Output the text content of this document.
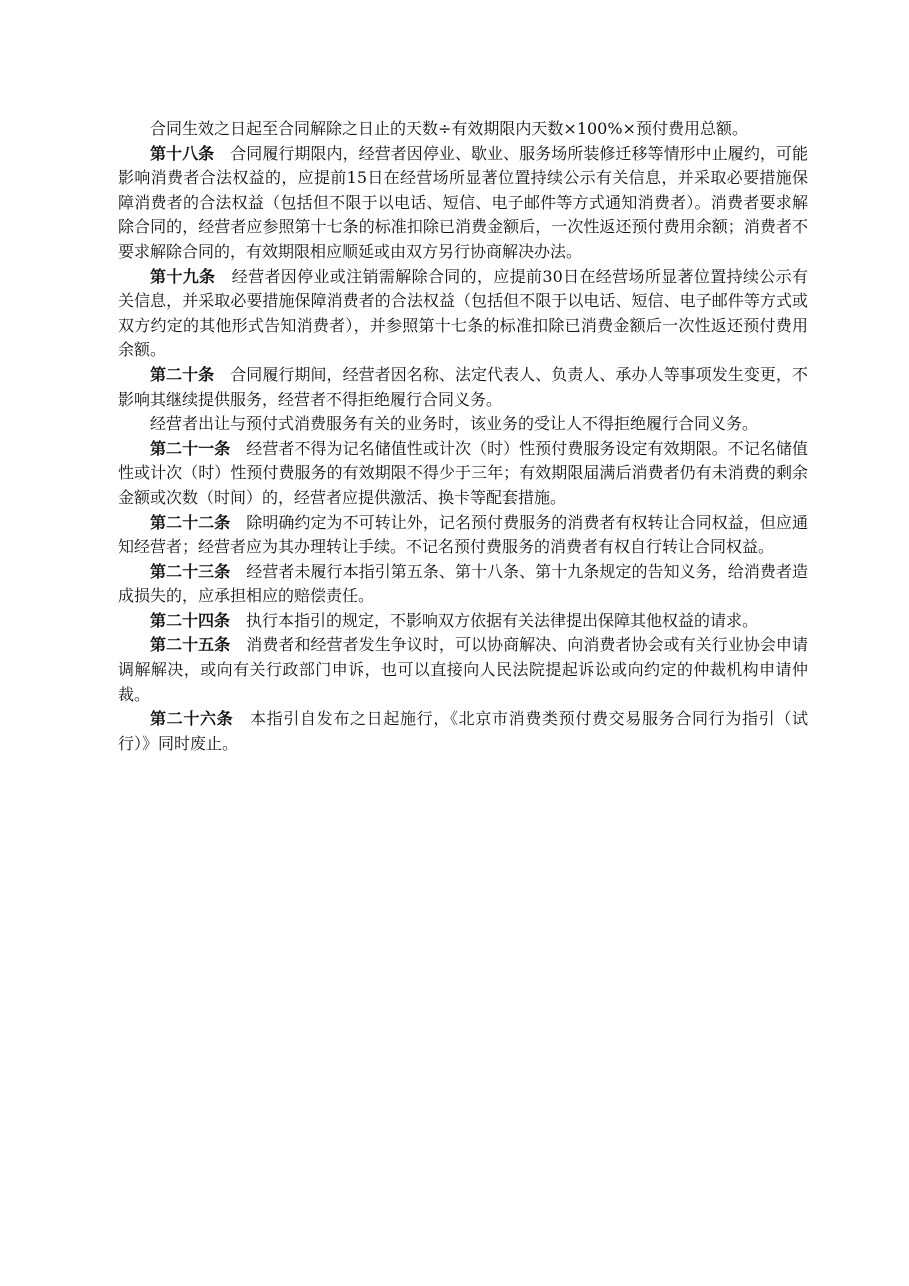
合同生效之日起至合同解除之日止的天数÷有效期限内天数×100%×预付费用总额。

第十八条 合同履行期限内，经营者因停业、歇业、服务场所装修迁移等情形中止履约，可能影响消费者合法权益的，应提前15日在经营场所显著位置持续公示有关信息，并采取必要措施保障消费者的合法权益（包括但不限于以电话、短信、电子邮件等方式通知消费者）。消费者要求解除合同的，经营者应参照第十七条的标准扣除已消费金额后，一次性返还预付费用余额；消费者不要求解除合同的，有效期限相应顺延或由双方另行协商解决办法。

第十九条 经营者因停业或注销需解除合同的，应提前30日在经营场所显著位置持续公示有关信息，并采取必要措施保障消费者的合法权益（包括但不限于以电话、短信、电子邮件等方式或双方约定的其他形式告知消费者），并参照第十七条的标准扣除已消费金额后一次性返还预付费用余额。

第二十条 合同履行期间，经营者因名称、法定代表人、负责人、承办人等事项发生变更，不影响其继续提供服务，经营者不得拒绝履行合同义务。

经营者出让与预付式消费服务有关的业务时，该业务的受让人不得拒绝履行合同义务。

第二十一条 经营者不得为记名储值性或计次（时）性预付费服务设定有效期限。不记名储值性或计次（时）性预付费服务的有效期限不得少于三年；有效期限届满后消费者仍有未消费的剩余金额或次数（时间）的，经营者应提供激活、换卡等配套措施。

第二十二条 除明确约定为不可转让外，记名预付费服务的消费者有权转让合同权益，但应通知经营者；经营者应为其办理转让手续。不记名预付费服务的消费者有权自行转让合同权益。

第二十三条 经营者未履行本指引第五条、第十八条、第十九条规定的告知义务，给消费者造成损失的，应承担相应的赔偿责任。

第二十四条 执行本指引的规定，不影响双方依据有关法律提出保障其他权益的请求。

第二十五条 消费者和经营者发生争议时，可以协商解决、向消费者协会或有关行业协会申请调解解决，或向有关行政部门申诉，也可以直接向人民法院提起诉讼或向约定的仲裁机构申请仲裁。

第二十六条 本指引自发布之日起施行，《北京市消费类预付费交易服务合同行为指引（试行）》同时废止。
